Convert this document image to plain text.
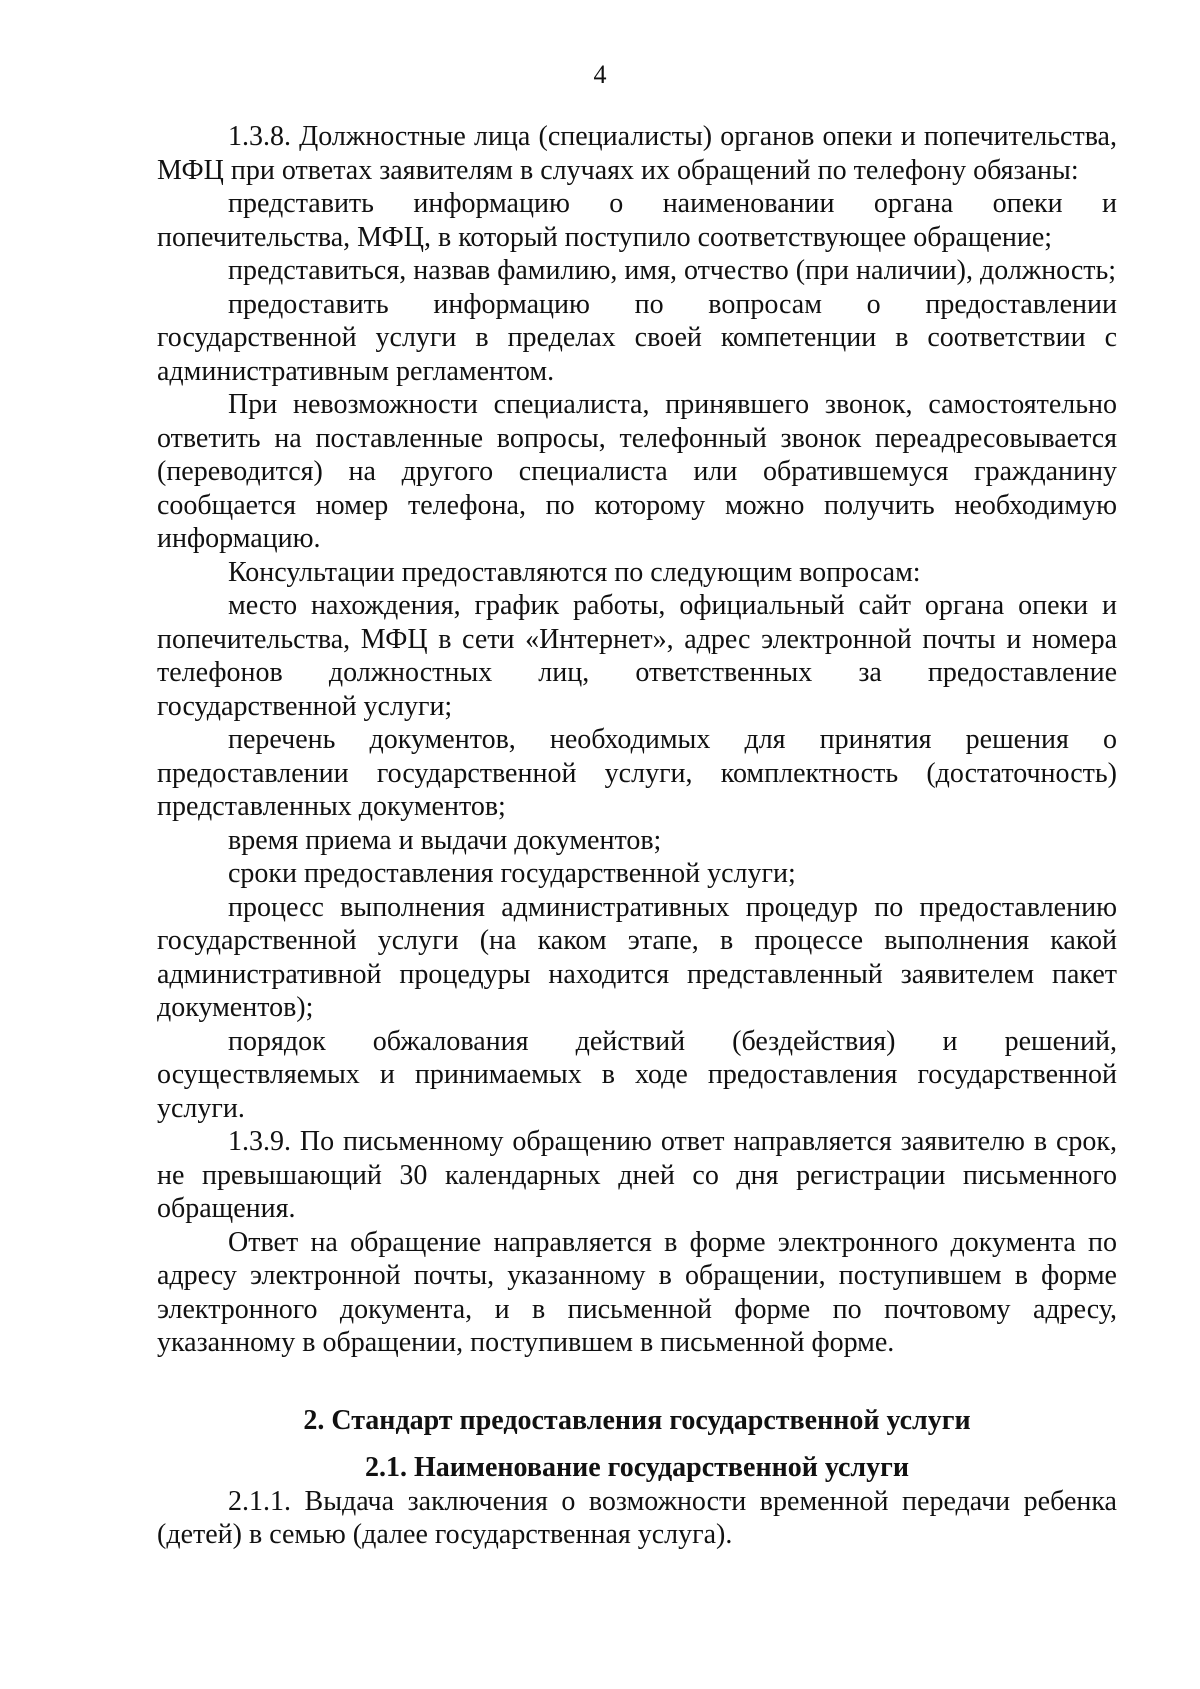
4

1.3.8. Должностные лица (специалисты) органов опеки и попечительства, МФЦ при ответах заявителям в случаях их обращений по телефону обязаны:

представить информацию о наименовании органа опеки и попечительства, МФЦ, в который поступило соответствующее обращение;

представиться, назвав фамилию, имя, отчество (при наличии), должность;

предоставить информацию по вопросам о предоставлении государственной услуги в пределах своей компетенции в соответствии с административным регламентом.

При невозможности специалиста, принявшего звонок, самостоятельно ответить на поставленные вопросы, телефонный звонок переадресовывается (переводится) на другого специалиста или обратившемуся гражданину сообщается номер телефона, по которому можно получить необходимую информацию.

Консультации предоставляются по следующим вопросам:

место нахождения, график работы, официальный сайт органа опеки и попечительства, МФЦ в сети «Интернет», адрес электронной почты и номера телефонов должностных лиц, ответственных за предоставление государственной услуги;

перечень документов, необходимых для принятия решения о предоставлении государственной услуги, комплектность (достаточность) представленных документов;

время приема и выдачи документов;

сроки предоставления государственной услуги;

процесс выполнения административных процедур по предоставлению государственной услуги (на каком этапе, в процессе выполнения какой административной процедуры находится представленный заявителем пакет документов);

порядок обжалования действий (бездействия) и решений, осуществляемых и принимаемых в ходе предоставления государственной услуги.

1.3.9. По письменному обращению ответ направляется заявителю в срок, не превышающий 30 календарных дней со дня регистрации письменного обращения.

Ответ на обращение направляется в форме электронного документа по адресу электронной почты, указанному в обращении, поступившем в форме электронного документа, и в письменной форме по почтовому адресу, указанному в обращении, поступившем в письменной форме.

2. Стандарт предоставления государственной услуги
2.1. Наименование государственной услуги

2.1.1. Выдача заключения о возможности временной передачи ребенка (детей) в семью (далее государственная услуга).
